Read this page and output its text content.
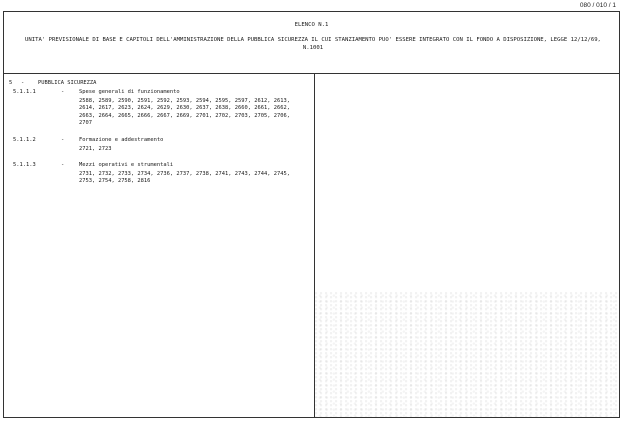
080 / 010 / 1
ELENCO N.1
UNITA' PREVISIONALE DI BASE E CAPITOLI DELL'AMMINISTRAZIONE DELLA PUBBLICA SICUREZZA IL CUI STANZIAMENTO PUO' ESSERE INTEGRATO CON IL FONDO A DISPOSIZIONE, LEGGE 12/12/69, N.1001
5 -	PUBBLICA SICUREZZA
5.1.1.1	-	Spese generali di funzionamento
2588, 2589, 2590, 2591, 2592, 2593, 2594, 2595, 2597, 2612, 2613, 2614, 2617, 2623, 2624, 2629, 2630, 2637, 2638, 2660, 2661, 2662, 2663, 2664, 2665, 2666, 2667, 2669, 2701, 2702, 2703, 2705, 2706, 2707
5.1.1.2	-	Formazione e addestramento
2721, 2723
5.1.1.3	-	Mezzi operativi e strumentali
2731, 2732, 2733, 2734, 2736, 2737, 2738, 2741, 2743, 2744, 2745, 2753, 2754, 2758, 2816
